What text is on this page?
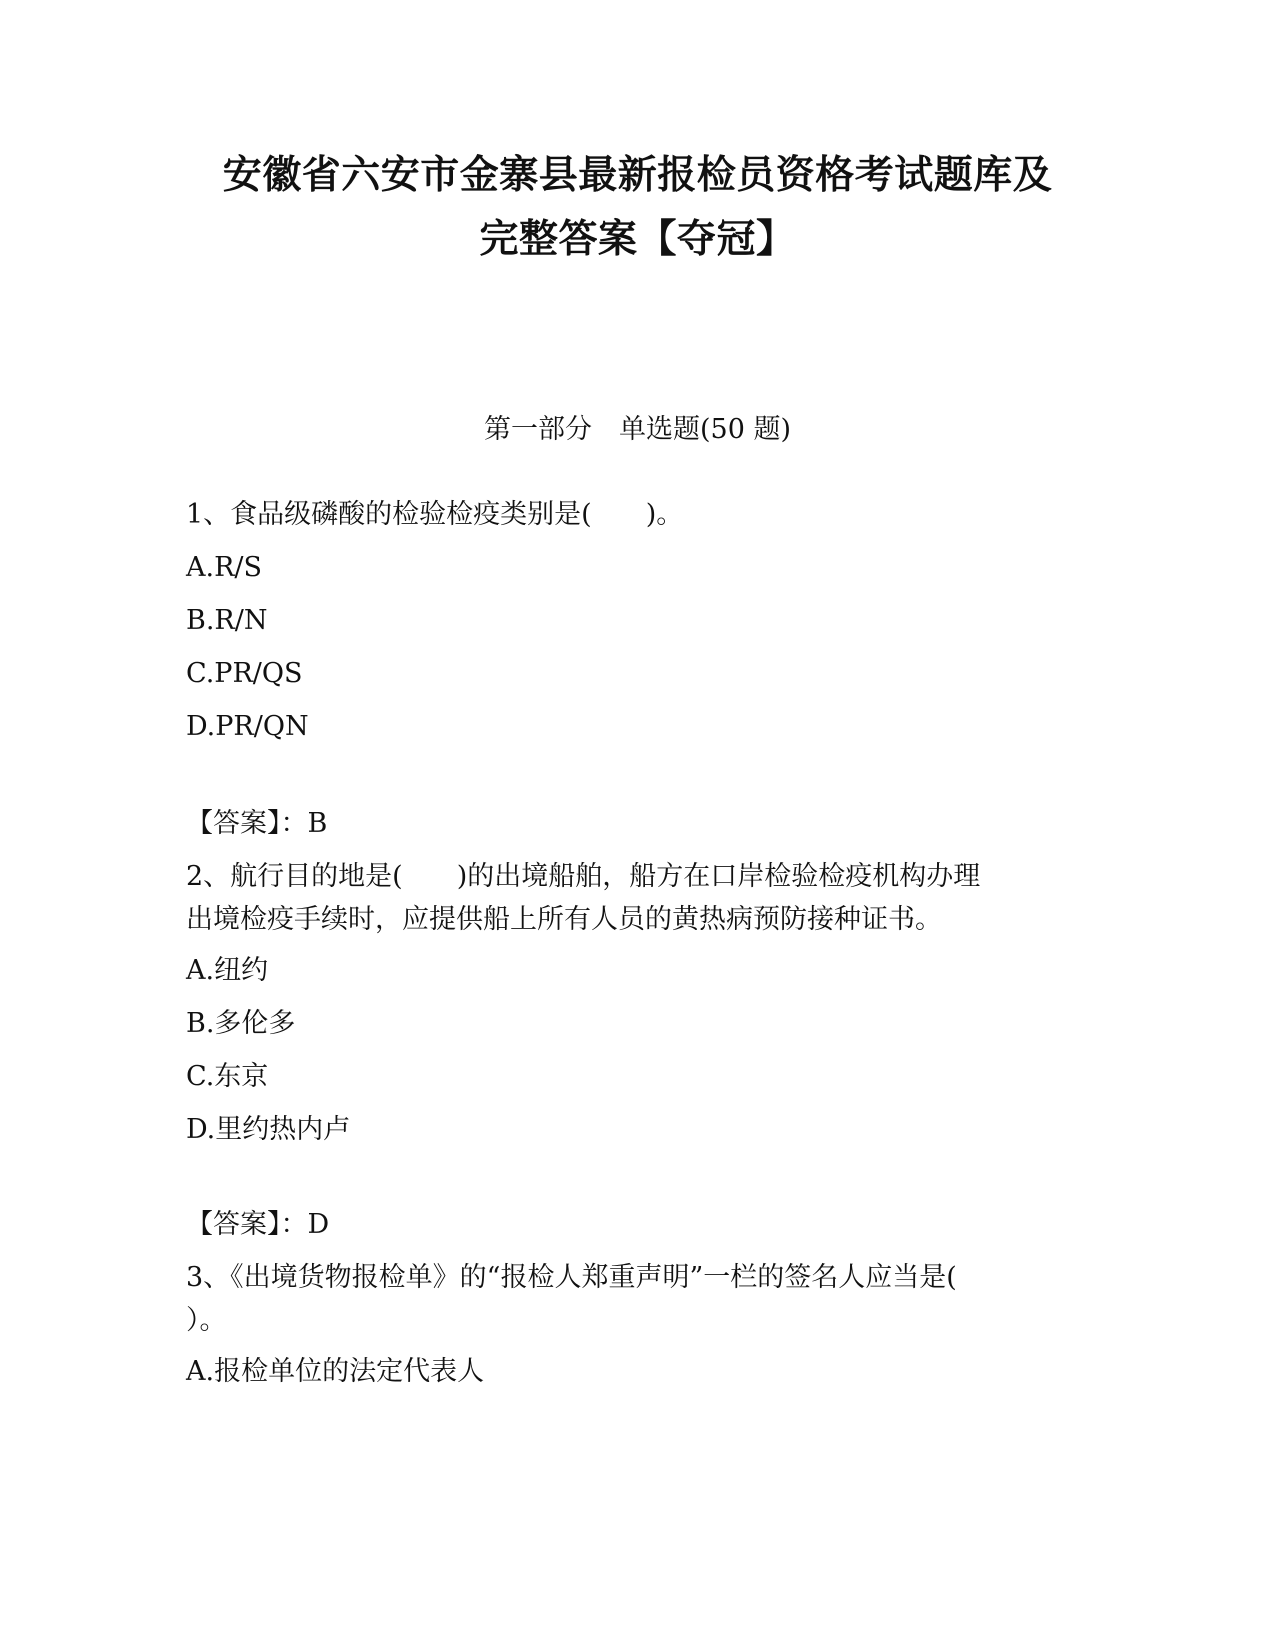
安徽省六安市金寨县最新报检员资格考试题库及
完整答案【夺冠】
第一部分　单选题(50 题)
1、食品级磷酸的检验检疫类别是(　　)。
A.R/S
B.R/N
C.PR/QS
D.PR/QN
【答案】：B
2、航行目的地是(　　)的出境船舶，船方在口岸检验检疫机构办理
出境检疫手续时，应提供船上所有人员的黄热病预防接种证书。
A.纽约
B.多伦多
C.东京
D.里约热内卢
【答案】：D
3、《出境货物报检单》的“报检人郑重声明”一栏的签名人应当是(
）。
A.报检单位的法定代表人
